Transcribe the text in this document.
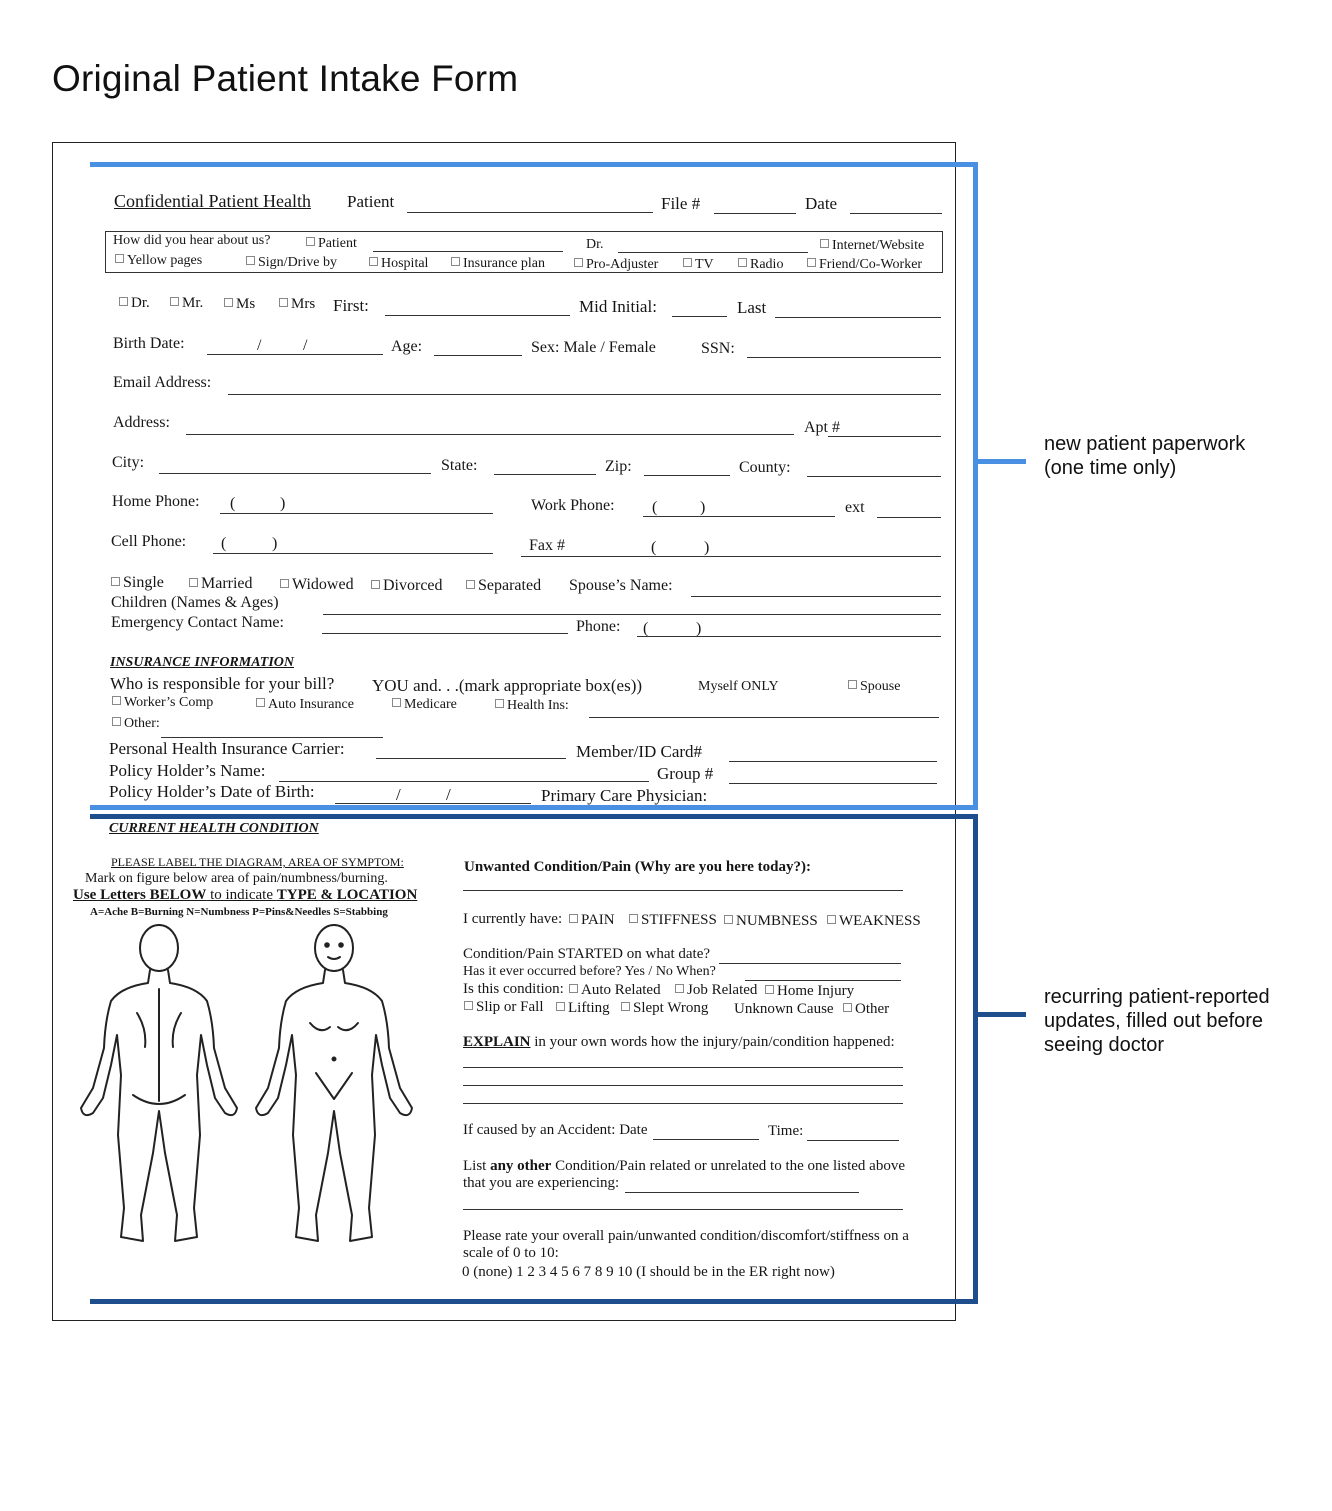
Original Patient Intake Form
Confidential Patient Health Patient	File #	Date
How did you hear about us?	Patient	Dr.	Internet/Website
Yellow pages	Sign/Drive by	Hospital	Insurance plan	Pro-Adjuster	TV	Radio	Friend/Co-Worker
Dr.	Mr.	Ms	Mrs First:	Mid Initial:	Last
Birth Date:	/	/	Age:	Sex: Male / Female	SSN:
Email Address:
Address:	Apt #
City:	State:	Zip:	County:
Home Phone: (	)	Work Phone: (	)	ext
Cell Phone: (	)	Fax #	(	)
Single	Married	Widowed	Divorced	Separated Spouse’s Name:
Children (Names & Ages)
Emergency Contact Name:	Phone: (	)
INSURANCE INFORMATION
Who is responsible for your bill? YOU and. . .(mark appropriate box(es))	Myself ONLY	Spouse
Worker’s Comp	Auto Insurance	Medicare	Health Ins:
Other:
Personal Health Insurance Carrier:	Member/ID Card#
Policy Holder’s Name:	Group #
Policy Holder’s Date of Birth:	/	/	Primary Care Physician:
CURRENT HEALTH CONDITION
PLEASE LABEL THE DIAGRAM, AREA OF SYMPTOM:
Mark on figure below area of pain/numbness/burning.
Use Letters BELOW to indicate TYPE & LOCATION
A=Ache B=Burning N=Numbness P=Pins&Needles S=Stabbing
Unwanted Condition/Pain (Why are you here today?):
I currently have:	PAIN	STIFFNESS	NUMBNESS	WEAKNESS
Condition/Pain STARTED on what date?
Has it ever occurred before? Yes / No When?
Is this condition:	Auto Related	Job Related	Home Injury
Slip or Fall	Lifting	Slept Wrong Unknown Cause	Other
EXPLAIN in your own words how the injury/pain/condition happened:
If caused by an Accident: Date	Time:
List any other Condition/Pain related or unrelated to the one listed above
that you are experiencing:
Please rate your overall pain/unwanted condition/discomfort/stiffness on a
scale of 0 to 10:
0 (none) 1 2 3 4 5 6 7 8 9 10 (I should be in the ER right now)
new patient paperwork (one time only)
recurring patient-reported updates, filled out before seeing doctor
